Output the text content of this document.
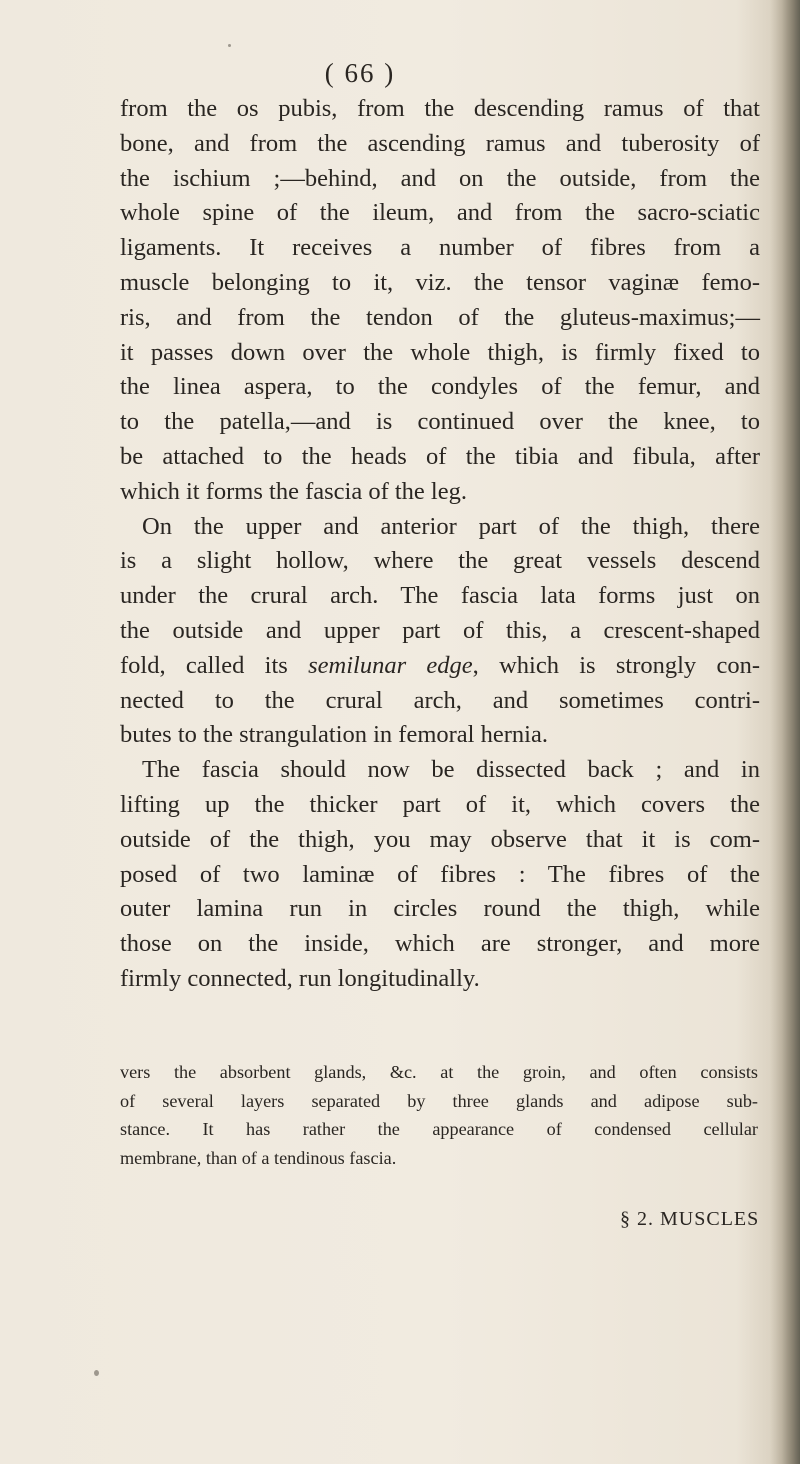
( 66 )
from the os pubis, from the descending ramus of that
bone, and from the ascending ramus and tuberosity of
the ischium ;—behind, and on the outside, from the
whole spine of the ileum, and from the sacro-sciatic
ligaments. It receives a number of fibres from a
muscle belonging to it, viz. the tensor vaginæ femo-
ris, and from the tendon of the gluteus-maximus;—
it passes down over the whole thigh, is firmly fixed to
the linea aspera, to the condyles of the femur, and
to the patella,—and is continued over the knee, to
be attached to the heads of the tibia and fibula, after
which it forms the fascia of the leg.
On the upper and anterior part of the thigh, there
is a slight hollow, where the great vessels descend
under the crural arch. The fascia lata forms just on
the outside and upper part of this, a crescent-shaped
fold, called its semilunar edge, which is strongly con-
nected to the crural arch, and sometimes contri-
butes to the strangulation in femoral hernia.
The fascia should now be dissected back ; and in
lifting up the thicker part of it, which covers the
outside of the thigh, you may observe that it is com-
posed of two laminæ of fibres : The fibres of the
outer lamina run in circles round the thigh, while
those on the inside, which are stronger, and more
firmly connected, run longitudinally.
vers the absorbent glands, &c. at the groin, and often consists
of several layers separated by three glands and adipose sub-
stance. It has rather the appearance of condensed cellular
membrane, than of a tendinous fascia.
§ 2. MUSCLES
